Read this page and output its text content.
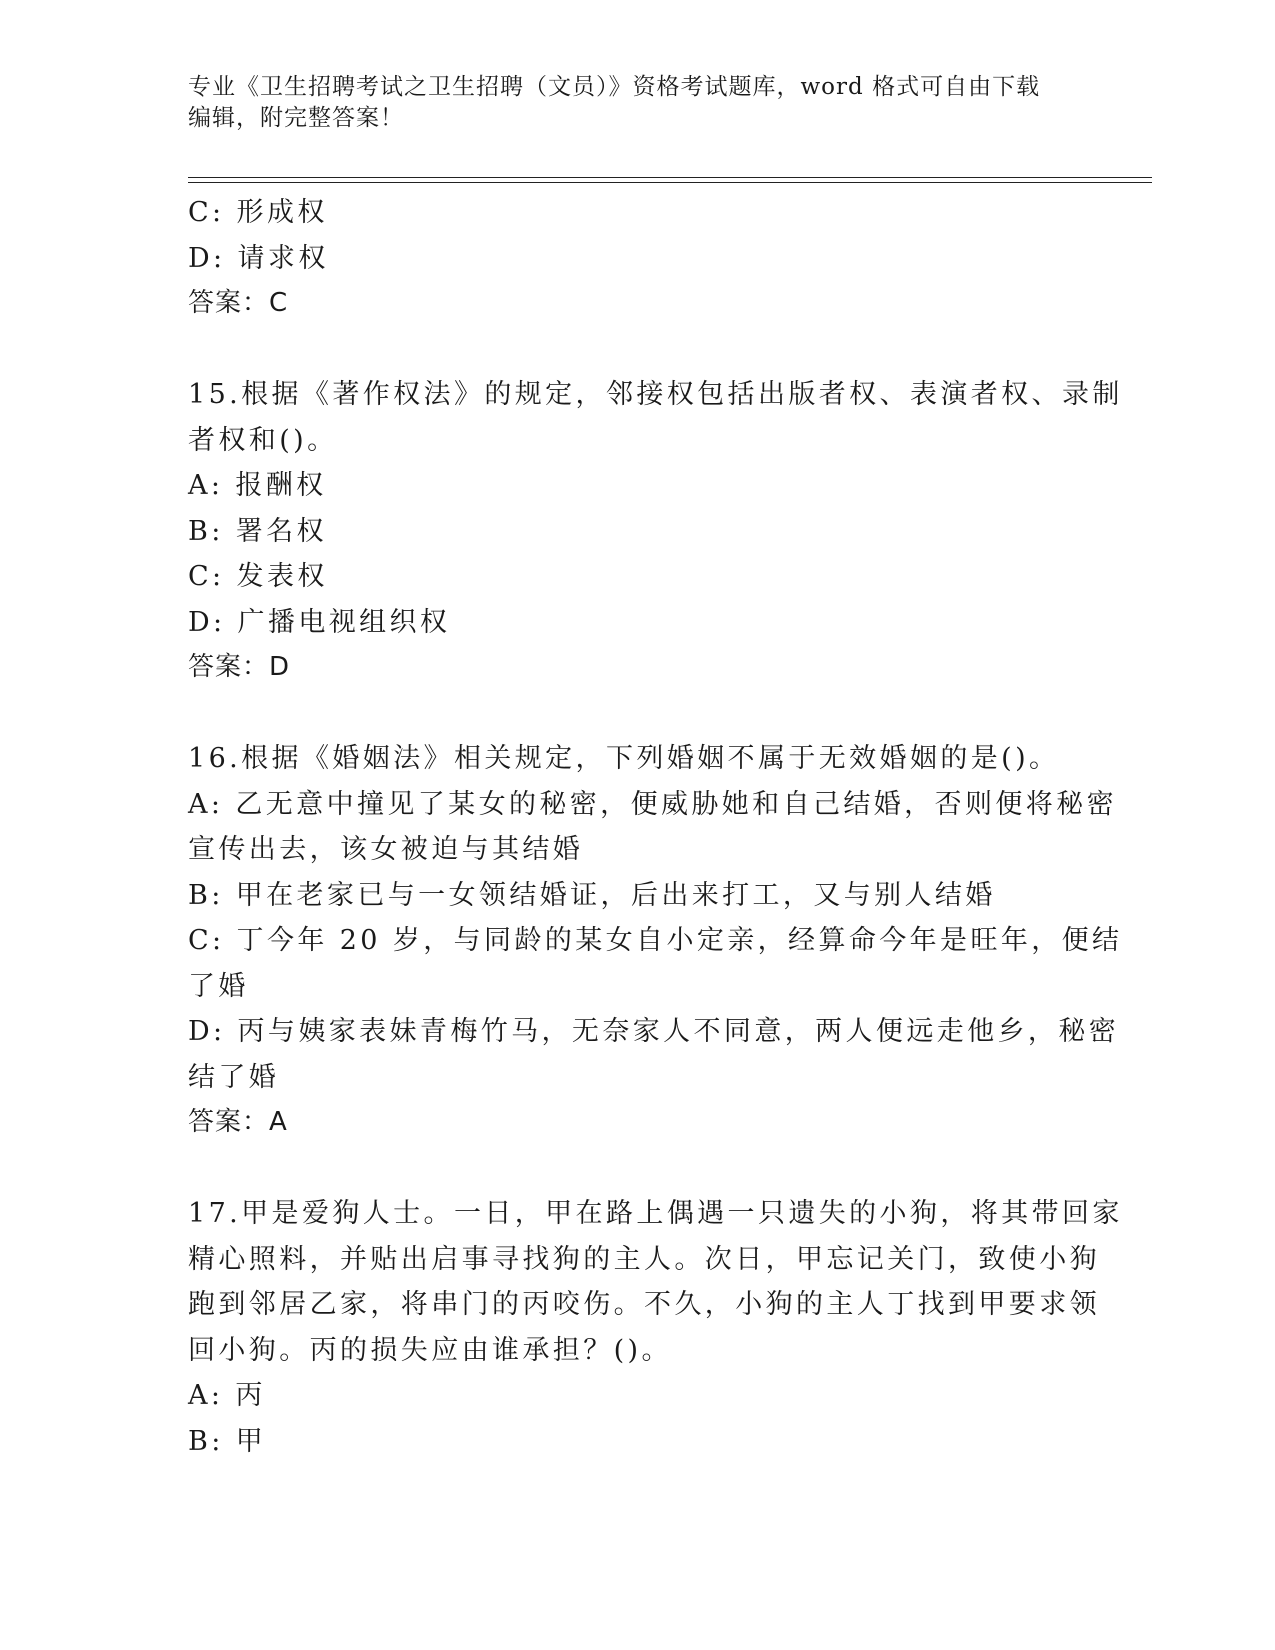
专业《卫生招聘考试之卫生招聘（文员）》资格考试题库，word 格式可自由下载
编辑，附完整答案！
C: 形成权
D: 请求权
答案：C
15.根据《著作权法》的规定，邻接权包括出版者权、表演者权、录制
者权和()。
A: 报酬权
B: 署名权
C: 发表权
D: 广播电视组织权
答案：D
16.根据《婚姻法》相关规定，下列婚姻不属于无效婚姻的是()。
A: 乙无意中撞见了某女的秘密，便威胁她和自己结婚，否则便将秘密
宣传出去，该女被迫与其结婚
B: 甲在老家已与一女领结婚证，后出来打工，又与别人结婚
C: 丁今年 20 岁，与同龄的某女自小定亲，经算命今年是旺年，便结
了婚
D: 丙与姨家表妹青梅竹马，无奈家人不同意，两人便远走他乡，秘密
结了婚
答案：A
17.甲是爱狗人士。一日，甲在路上偶遇一只遗失的小狗，将其带回家
精心照料，并贴出启事寻找狗的主人。次日，甲忘记关门，致使小狗
跑到邻居乙家，将串门的丙咬伤。不久，小狗的主人丁找到甲要求领
回小狗。丙的损失应由谁承担？()。
A: 丙
B: 甲
